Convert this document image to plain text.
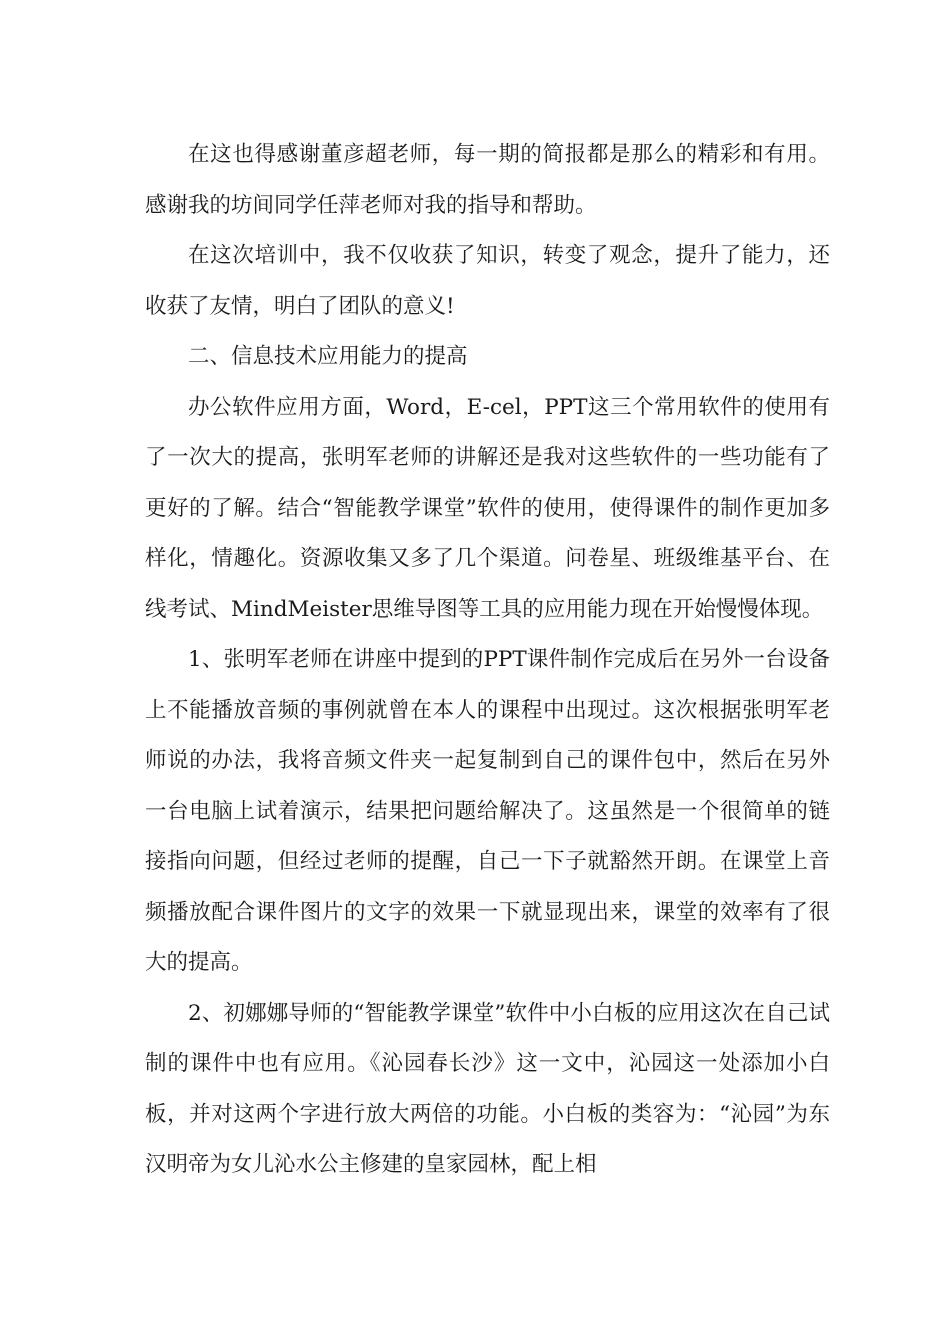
在这也得感谢董彦超老师，每一期的简报都是那么的精彩和有用。感谢我的坊间同学任萍老师对我的指导和帮助。

在这次培训中，我不仅收获了知识，转变了观念，提升了能力，还收获了友情，明白了团队的意义!

二、信息技术应用能力的提高

办公软件应用方面，Word，E-cel，PPT这三个常用软件的使用有了一次大的提高，张明军老师的讲解还是我对这些软件的一些功能有了更好的了解。结合“智能教学课堂”软件的使用，使得课件的制作更加多样化，情趣化。资源收集又多了几个渠道。问卷星、班级维基平台、在线考试、MindMeister思维导图等工具的应用能力现在开始慢慢体现。

1、张明军老师在讲座中提到的PPT课件制作完成后在另外一台设备上不能播放音频的事例就曾在本人的课程中出现过。这次根据张明军老师说的办法，我将音频文件夹一起复制到自己的课件包中，然后在另外一台电脑上试着演示，结果把问题给解决了。这虽然是一个很简单的链接指向问题，但经过老师的提醒，自己一下子就豁然开朗。在课堂上音频播放配合课件图片的文字的效果一下就显现出来，课堂的效率有了很大的提高。

2、初娜娜导师的“智能教学课堂”软件中小白板的应用这次在自己试制的课件中也有应用。《沁园春长沙》这一文中，沁园这一处添加小白板，并对这两个字进行放大两倍的功能。小白板的类容为：“沁园”为东汉明帝为女儿沁水公主修建的皇家园林，配上相
